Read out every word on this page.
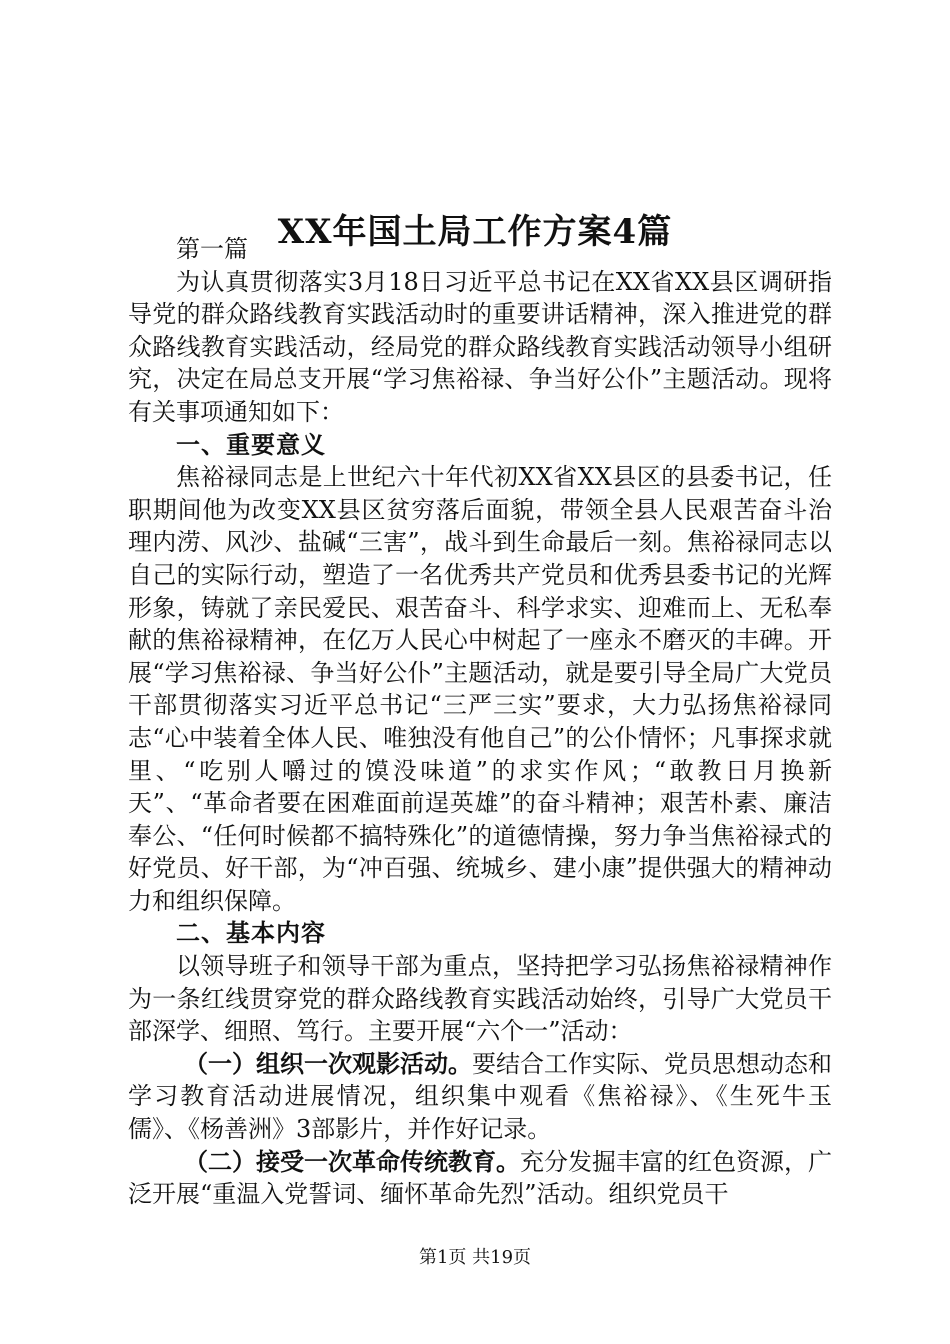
XX年国土局工作方案4篇

第一篇

为认真贯彻落实3月18日习近平总书记在XX省XX县区调研指导党的群众路线教育实践活动时的重要讲话精神，深入推进党的群众路线教育实践活动，经局党的群众路线教育实践活动领导小组研究，决定在局总支开展“学习焦裕禄、争当好公仆”主题活动。现将有关事项通知如下：

一、重要意义

焦裕禄同志是上世纪六十年代初XX省XX县区的县委书记，任职期间他为改变XX县区贫穷落后面貌，带领全县人民艰苦奋斗治理内涝、风沙、盐碱“三害”，战斗到生命最后一刻。焦裕禄同志以自己的实际行动，塑造了一名优秀共产党员和优秀县委书记的光辉形象，铸就了亲民爱民、艰苦奋斗、科学求实、迎难而上、无私奉献的焦裕禄精神，在亿万人民心中树起了一座永不磨灭的丰碑。开展“学习焦裕禄、争当好公仆”主题活动，就是要引导全局广大党员干部贯彻落实习近平总书记“三严三实”要求，大力弘扬焦裕禄同志“心中装着全体人民、唯独没有他自己”的公仆情怀；凡事探求就里、“吃别人嚼过的馍没味道”的求实作风；“敢教日月换新天”、“革命者要在困难面前逞英雄”的奋斗精神；艰苦朴素、廉洁奉公、“任何时候都不搞特殊化”的道德情操，努力争当焦裕禄式的好党员、好干部，为“冲百强、统城乡、建小康”提供强大的精神动力和组织保障。

二、基本内容

以领导班子和领导干部为重点，坚持把学习弘扬焦裕禄精神作为一条红线贯穿党的群众路线教育实践活动始终，引导广大党员干部深学、细照、笃行。主要开展“六个一”活动：

（一）组织一次观影活动。要结合工作实际、党员思想动态和学习教育活动进展情况，组织集中观看《焦裕禄》、《生死牛玉儒》、《杨善洲》3部影片，并作好记录。

（二）接受一次革命传统教育。充分发掘丰富的红色资源，广泛开展“重温入党誓词、缅怀革命先烈”活动。组织党员干

第1页 共19页
